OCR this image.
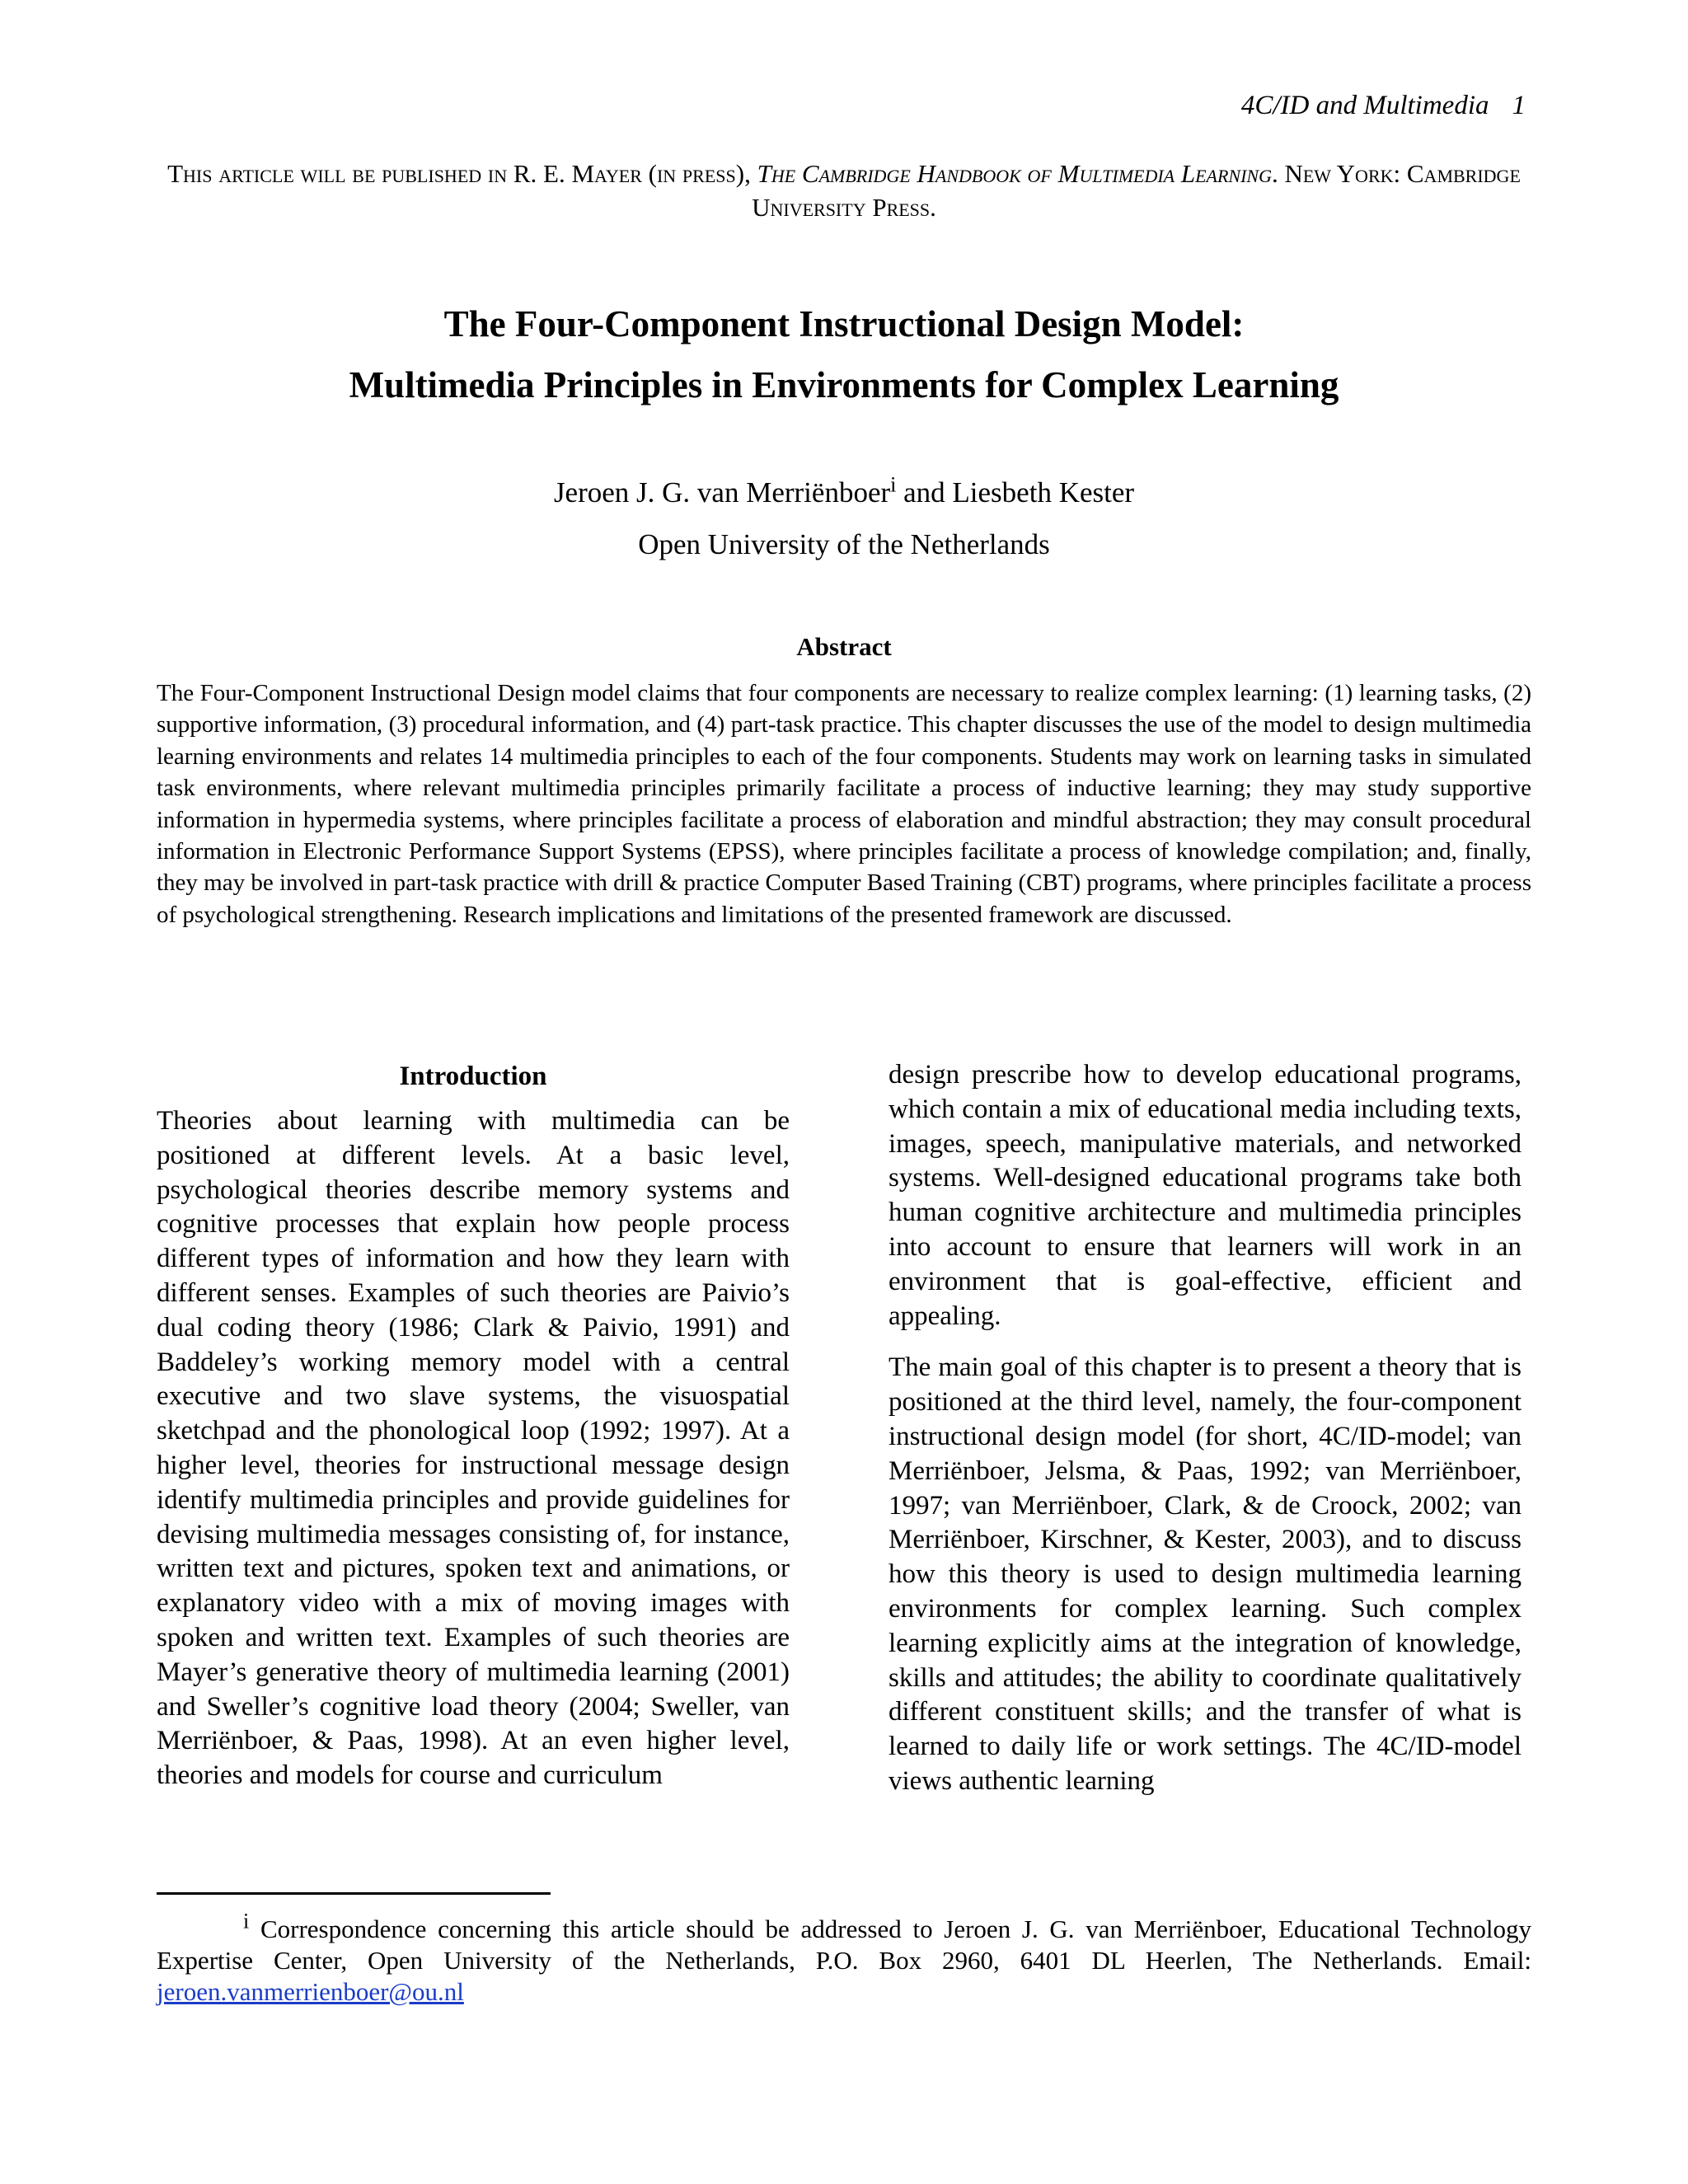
4C/ID and Multimedia 1
This article will be published in R. E. Mayer (in press), The Cambridge Handbook of Multimedia Learning. New York: Cambridge University Press.
The Four-Component Instructional Design Model:
Multimedia Principles in Environments for Complex Learning
Jeroen J. G. van Merriënboer$^i$ and Liesbeth Kester
Open University of the Netherlands
Abstract
The Four-Component Instructional Design model claims that four components are necessary to realize complex learning: (1) learning tasks, (2) supportive information, (3) procedural information, and (4) part-task practice. This chapter discusses the use of the model to design multimedia learning environments and relates 14 multimedia principles to each of the four components. Students may work on learning tasks in simulated task environments, where relevant multimedia principles primarily facilitate a process of inductive learning; they may study supportive information in hypermedia systems, where principles facilitate a process of elaboration and mindful abstraction; they may consult procedural information in Electronic Performance Support Systems (EPSS), where principles facilitate a process of knowledge compilation; and, finally, they may be involved in part-task practice with drill & practice Computer Based Training (CBT) programs, where principles facilitate a process of psychological strengthening. Research implications and limitations of the presented framework are discussed.
Introduction

Theories about learning with multimedia can be positioned at different levels. At a basic level, psychological theories describe memory systems and cognitive processes that explain how people process different types of information and how they learn with different senses. Examples of such theories are Paivio’s dual coding theory (1986; Clark & Paivio, 1991) and Baddeley’s working memory model with a central executive and two slave systems, the visuospatial sketchpad and the phonological loop (1992; 1997). At a higher level, theories for instructional message design identify multimedia principles and provide guidelines for devising multimedia messages consisting of, for instance, written text and pictures, spoken text and animations, or explanatory video with a mix of moving images with spoken and written text. Examples of such theories are Mayer’s generative theory of multimedia learning (2001) and Sweller’s cognitive load theory (2004; Sweller, van Merriënboer, & Paas, 1998). At an even higher level, theories and models for course and curriculum

design prescribe how to develop educational programs, which contain a mix of educational media including texts, images, speech, manipulative materials, and networked systems. Well-designed educational programs take both human cognitive architecture and multimedia principles into account to ensure that learners will work in an environment that is goal-effective, efficient and appealing.

The main goal of this chapter is to present a theory that is positioned at the third level, namely, the four-component instructional design model (for short, 4C/ID-model; van Merriënboer, Jelsma, & Paas, 1992; van Merriënboer, 1997; van Merriënboer, Clark, & de Croock, 2002; van Merriënboer, Kirschner, & Kester, 2003), and to discuss how this theory is used to design multimedia learning environments for complex learning. Such complex learning explicitly aims at the integration of knowledge, skills and attitudes; the ability to coordinate qualitatively different constituent skills; and the transfer of what is learned to daily life or work settings. The 4C/ID-model views authentic learning

$^i$ Correspondence concerning this article should be addressed to Jeroen J. G. van Merriënboer, Educational Technology Expertise Center, Open University of the Netherlands, P.O. Box 2960, 6401 DL Heerlen, The Netherlands. Email: jeroen.vanmerrienboer@ou.nl
